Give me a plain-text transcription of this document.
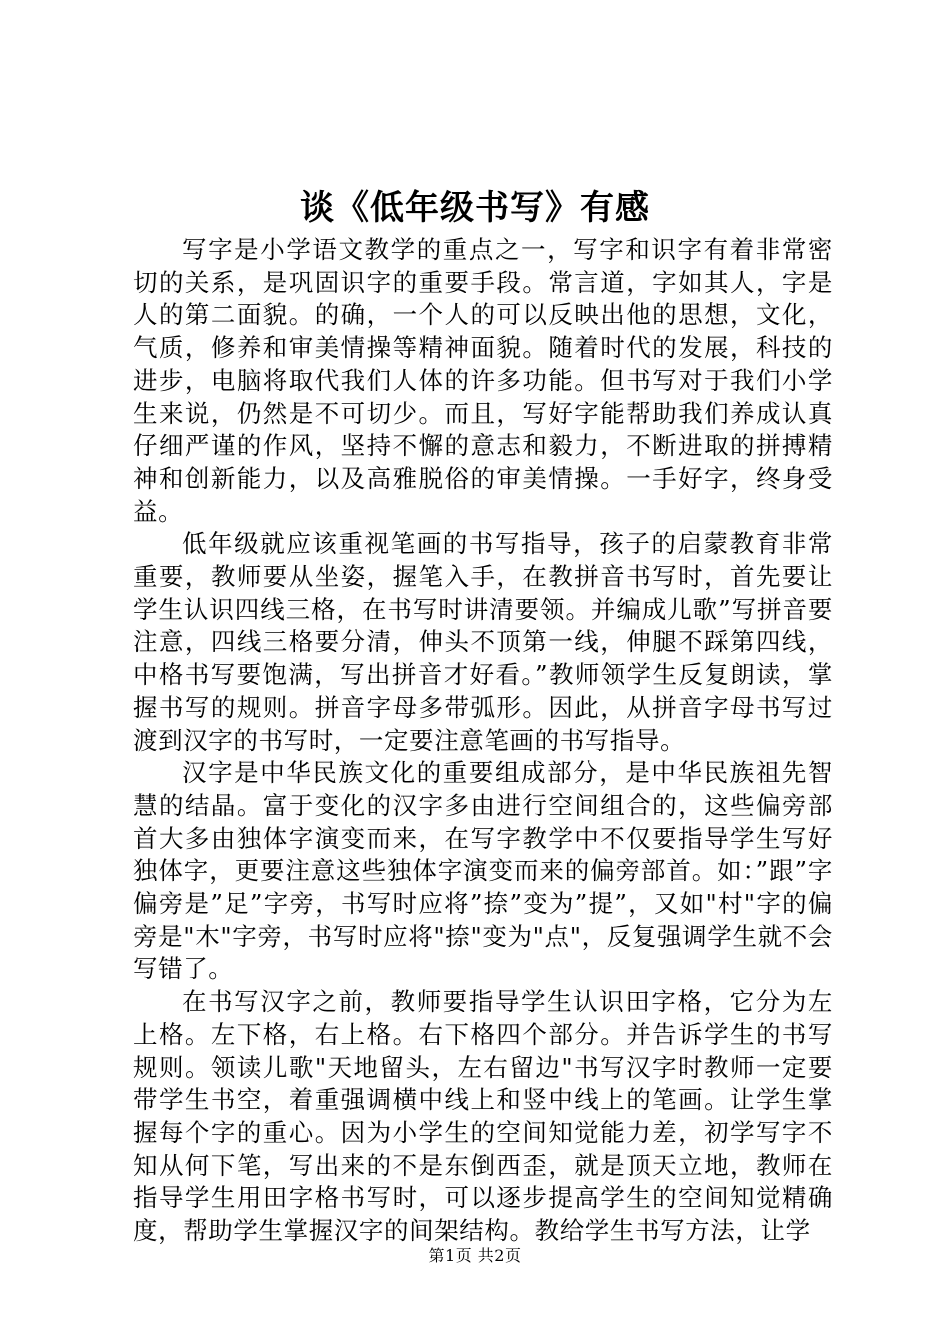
谈《低年级书写》有感

写字是小学语文教学的重点之一，写字和识字有着非常密切的关系，是巩固识字的重要手段。常言道，字如其人，字是人的第二面貌。的确，一个人的可以反映出他的思想，文化，气质，修养和审美情操等精神面貌。随着时代的发展，科技的进步，电脑将取代我们人体的许多功能。但书写对于我们小学生来说，仍然是不可切少。而且，写好字能帮助我们养成认真仔细严谨的作风，坚持不懈的意志和毅力，不断进取的拼搏精神和创新能力，以及高雅脱俗的审美情操。一手好字，终身受益。

低年级就应该重视笔画的书写指导，孩子的启蒙教育非常重要，教师要从坐姿，握笔入手，在教拼音书写时，首先要让学生认识四线三格，在书写时讲清要领。并编成儿歌”写拼音要注意，四线三格要分清，伸头不顶第一线，伸腿不踩第四线，中格书写要饱满，写出拼音才好看。”教师领学生反复朗读，掌握书写的规则。拼音字母多带弧形。因此，从拼音字母书写过渡到汉字的书写时，一定要注意笔画的书写指导。

汉字是中华民族文化的重要组成部分，是中华民族祖先智慧的结晶。富于变化的汉字多由进行空间组合的，这些偏旁部首大多由独体字演变而来，在写字教学中不仅要指导学生写好独体字，更要注意这些独体字演变而来的偏旁部首。如：”跟”字偏旁是”足”字旁，书写时应将”捺”变为”提”，又如"村"字的偏旁是"木"字旁，书写时应将"捺"变为"点"，反复强调学生就不会写错了。

在书写汉字之前，教师要指导学生认识田字格，它分为左上格。左下格，右上格。右下格四个部分。并告诉学生的书写规则。领读儿歌"天地留头，左右留边"书写汉字时教师一定要带学生书空，着重强调横中线上和竖中线上的笔画。让学生掌握每个字的重心。因为小学生的空间知觉能力差，初学写字不知从何下笔，写出来的不是东倒西歪，就是顶天立地，教师在指导学生用田字格书写时，可以逐步提高学生的空间知觉精确度，帮助学生掌握汉字的间架结构。教给学生书写方法，让学

第1页 共2页
